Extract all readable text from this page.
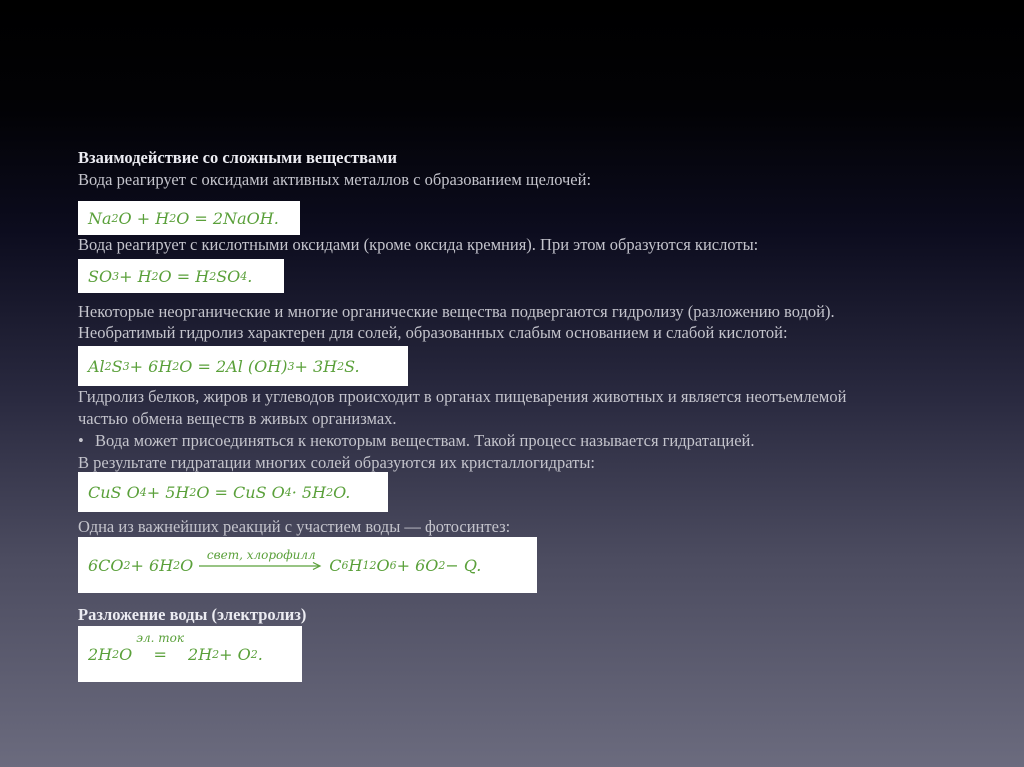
Взаимодействие со сложными веществами

Вода реагирует с оксидами активных металлов с образованием щелочей:

Na 2 O + H 2 O = 2NaOH.

Вода реагирует с кислотными оксидами (кроме оксида кремния). При этом образуются кислоты:

SO 3 + H 2 O = H 2 SO 4 .

Некоторые неорганические и многие органические вещества подвергаются гидролизу (разложению водой).

Необратимый гидролиз характерен для солей, образованных слабым основанием и слабой кислотой:

Al 2 S 3 + 6H 2 O = 2Al (OH) 3 + 3H 2 S.

Гидролиз белков, жиров и углеводов происходит в органах пищеварения животных и является неотъемлемой

частью обмена веществ в живых организмах.

• Вода может присоединяться к некоторым веществам. Такой процесс называется гидратацией.

В результате гидратации многих солей образуются их кристаллогидраты:

CuS O 4 + 5H 2 O = CuS O 4 · 5H 2 O.

Одна из важнейших реакций с участием воды — фотосинтез:

6CO 2 + 6H 2 O
свет, хлорофилл
C 6 H 12 O 6 + 6O 2 − Q.

Разложение воды (электролиз)

2H 2 O
эл. ток
= 2H 2 + O 2 .
